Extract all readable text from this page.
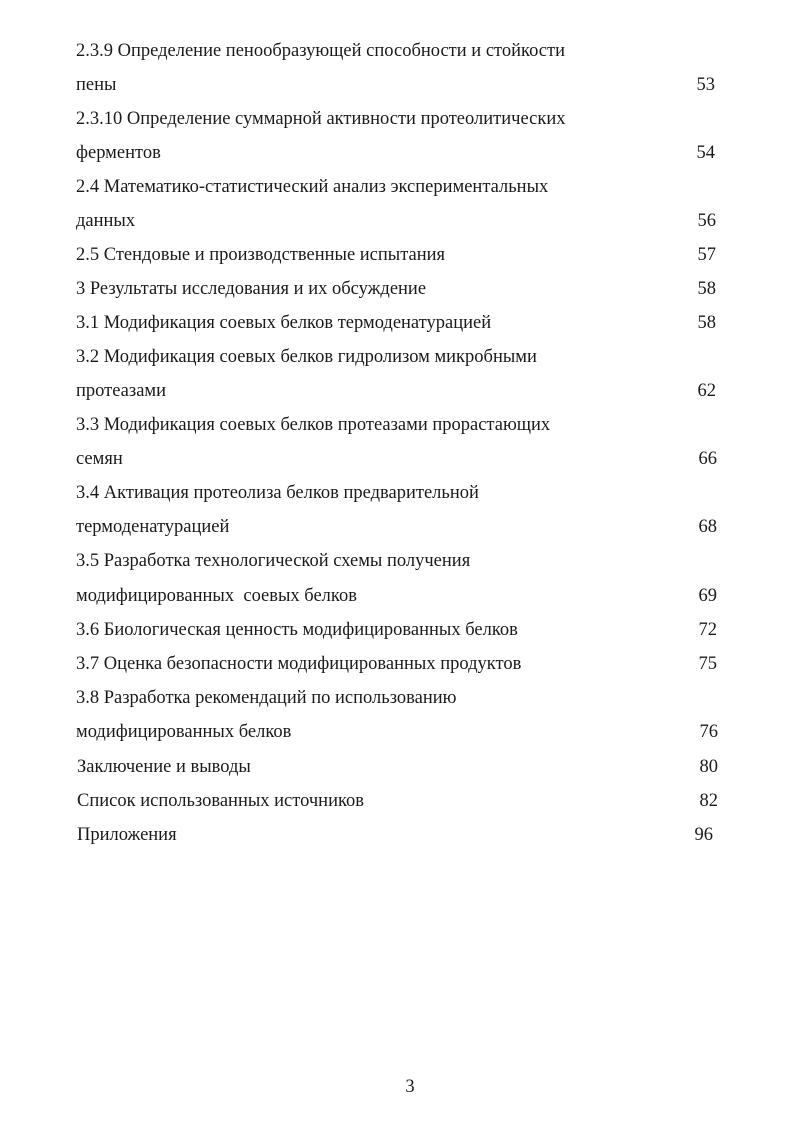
2.3.9 Определение пенообразующей способности и стойкости
пены	53
2.3.10 Определение суммарной активности протеолитических
ферментов	54
2.4 Математико-статистический анализ экспериментальных
данных	56
2.5 Стендовые и производственные испытания	57
3 Результаты исследования и их обсуждение	58
3.1 Модификация соевых белков термоденатурацией	58
3.2 Модификация соевых белков гидролизом микробными
протеазами	62
3.3 Модификация соевых белков протеазами прорастающих
семян	66
3.4 Активация протеолиза белков предварительной
термоденатурацией	68
3.5 Разработка технологической схемы получения
модифицированных  соевых белков	69
3.6 Биологическая ценность модифицированных белков	72
3.7 Оценка безопасности модифицированных продуктов	75
3.8 Разработка рекомендаций по использованию
модифицированных белков	76
Заключение и выводы	80
Список использованных источников	82
Приложения	96
3
